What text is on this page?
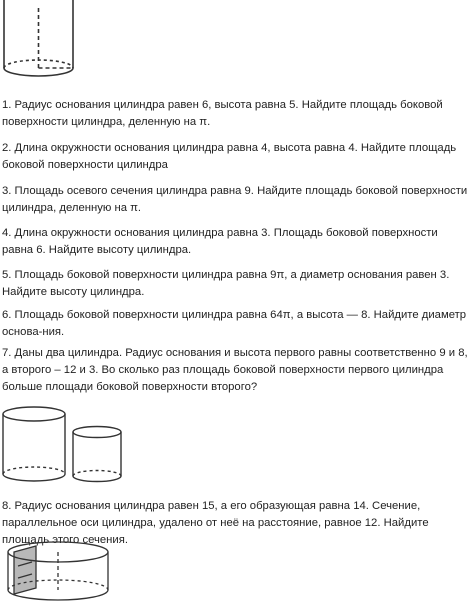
1. Радиус основания цилиндра равен 6, высота равна 5. Найдите площадь боковой поверхности цилиндра, деленную на π.

2. Длина окружности основания цилиндра равна 4, высота равна 4. Найдите площадь боковой поверхности цилиндра

3. Площадь осевого сечения цилиндра равна 9. Найдите площадь боковой поверхности цилиндра, деленную на π.

4. Длина окружности основания цилиндра равна 3. Площадь боковой поверхности равна 6. Найдите высоту цилиндра.

5. Площадь боковой поверхности цилиндра равна 9π, а диаметр основания равен 3. Найдите высоту цилиндра.

6. Площадь боковой поверхности цилиндра равна 64π, а высота — 8. Найдите диаметр основа-ния.

7. Даны два цилиндра. Радиус основания и высота первого равны соответственно 9 и 8, а второго – 12 и 3. Во сколько раз площадь боковой поверхности первого цилиндра больше площади боковой поверхности второго?

8. Радиус основания цилиндра равен 15, а его образующая равна 14. Сечение, параллельное оси цилиндра, удалено от неё на расстояние, равное 12. Найдите площадь этого сечения.
